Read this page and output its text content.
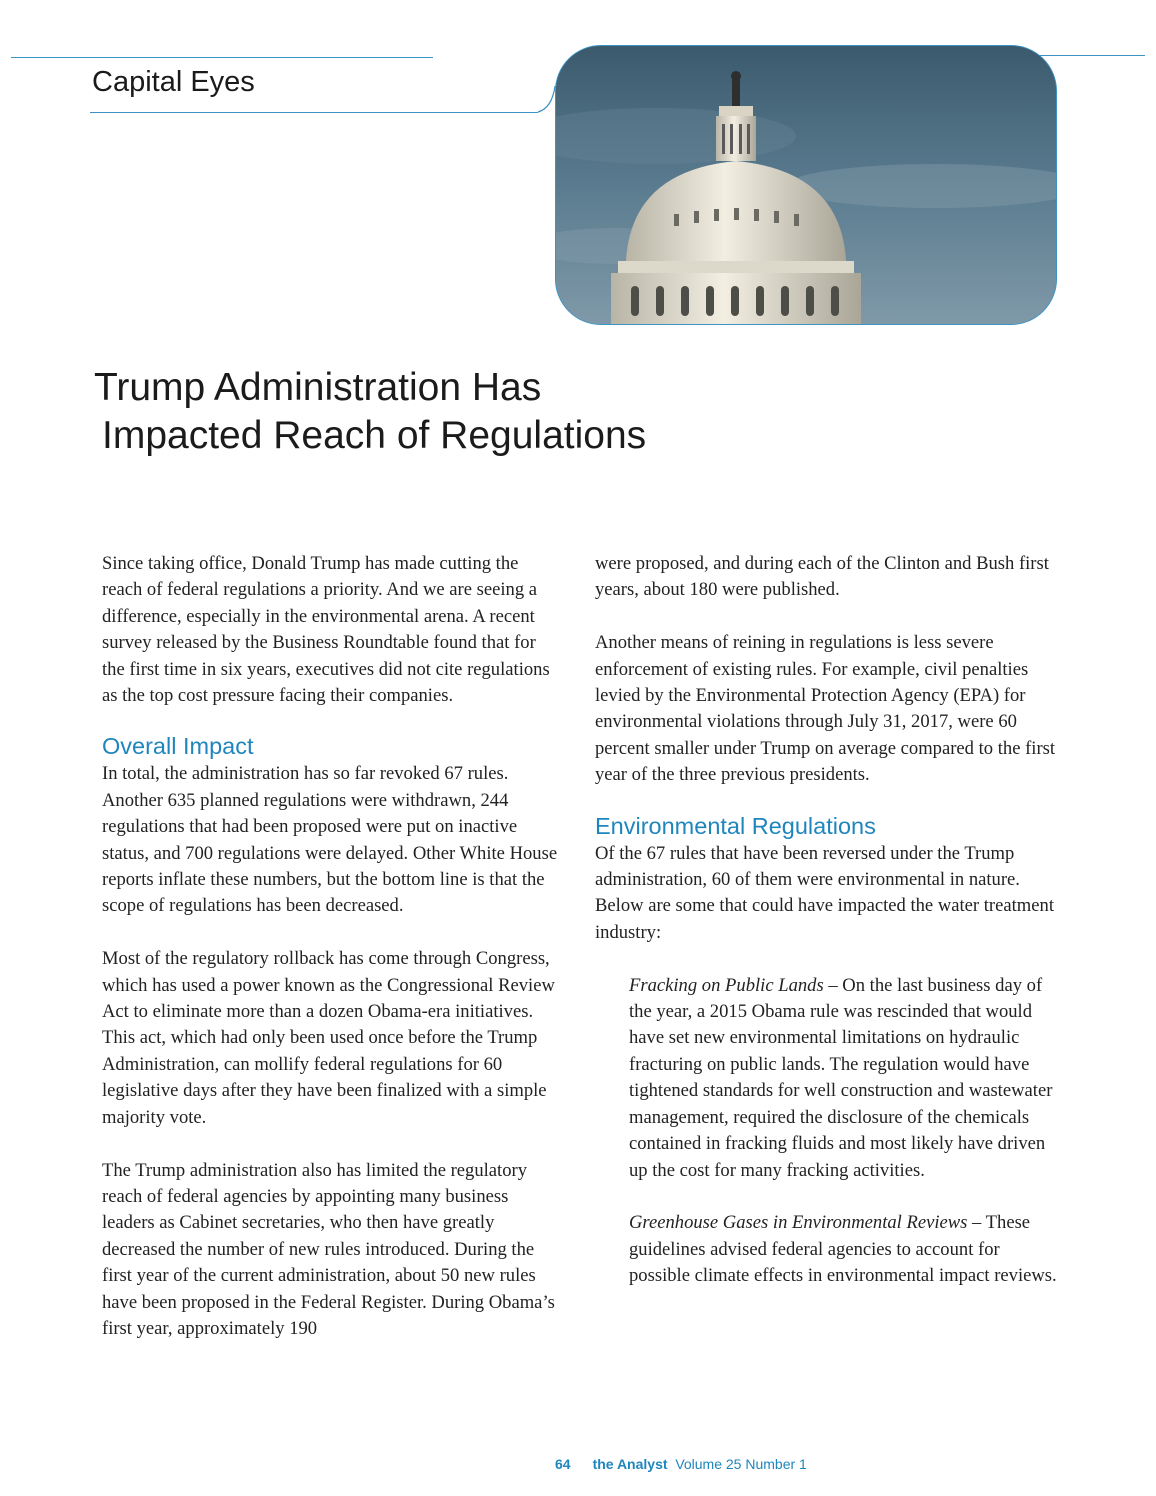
Capital Eyes
Trump Administration Has
Impacted Reach of Regulations

Since taking office, Donald Trump has made cutting the reach of federal regulations a priority. And we are seeing a difference, especially in the environmental arena. A recent survey released by the Business Roundtable found that for the first time in six years, executives did not cite regulations as the top cost pressure facing their companies.

Overall Impact

In total, the administration has so far revoked 67 rules. Another 635 planned regulations were withdrawn, 244 regulations that had been proposed were put on inactive status, and 700 regulations were delayed. Other White House reports inflate these numbers, but the bottom line is that the scope of regulations has been decreased.

Most of the regulatory rollback has come through Congress, which has used a power known as the Congressional Review Act to eliminate more than a dozen Obama-era initiatives. This act, which had only been used once before the Trump Administration, can mollify federal regulations for 60 legislative days after they have been finalized with a simple majority vote.

The Trump administration also has limited the regulatory reach of federal agencies by appointing many business leaders as Cabinet secretaries, who then have greatly decreased the number of new rules introduced. During the first year of the current administration, about 50 new rules have been proposed in the Federal Register. During Obama’s first year, approximately 190

were proposed, and during each of the Clinton and Bush first years, about 180 were published.

Another means of reining in regulations is less severe enforcement of existing rules. For example, civil penalties levied by the Environmental Protection Agency (EPA) for environmental violations through July 31, 2017, were 60 percent smaller under Trump on average compared to the first year of the three previous presidents.

Environmental Regulations

Of the 67 rules that have been reversed under the Trump administration, 60 of them were environmental in nature. Below are some that could have impacted the water treatment industry:

Fracking on Public Lands – On the last business day of the year, a 2015 Obama rule was rescinded that would have set new environmental limitations on hydraulic fracturing on public lands. The regulation would have tightened standards for well construction and wastewater management, required the disclosure of the chemicals contained in fracking fluids and most likely have driven up the cost for many fracking activities.

Greenhouse Gases in Environmental Reviews – These guidelines advised federal agencies to account for possible climate effects in environmental impact reviews.

64 the Analyst Volume 25 Number 1
